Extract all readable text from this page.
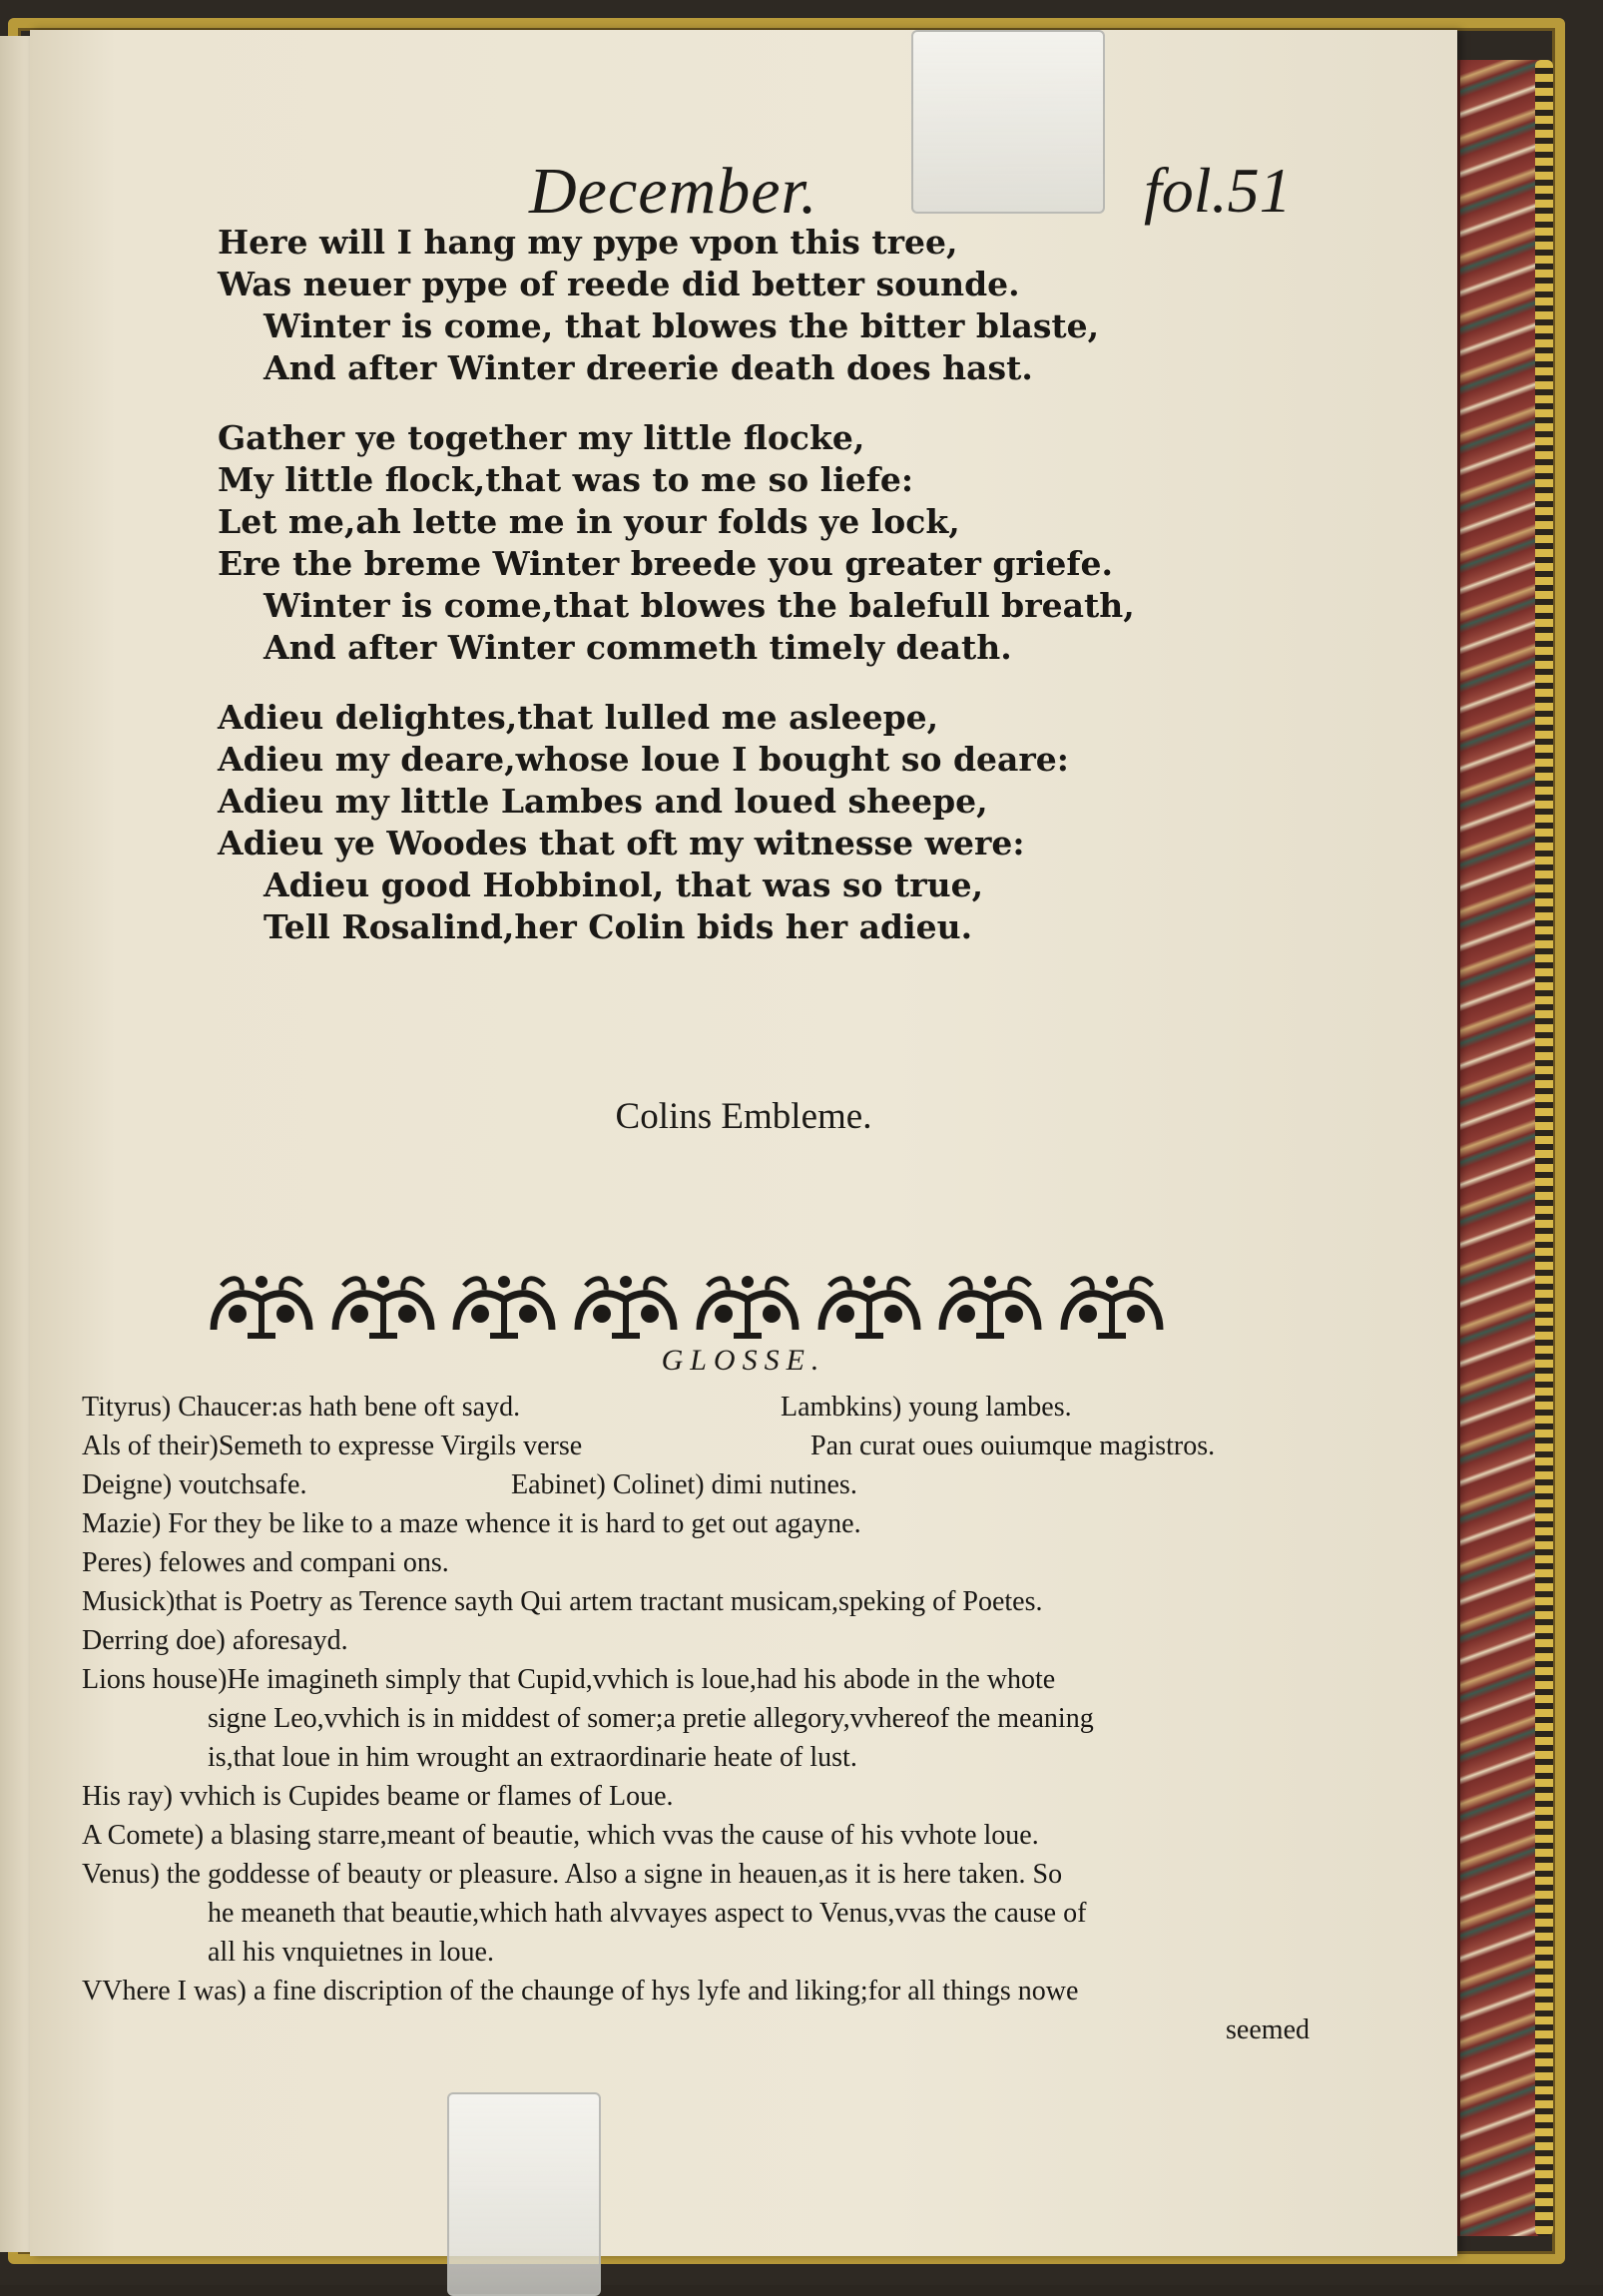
December.	fol.51
Here will I hang my pype vpon this tree,
Was neuer pype of reede did better sounde.
Winter is come, that blowes the bitter blaste,
And after Winter dreerie death does hast.
Gather ye together my little flocke,
My little flock,that was to me so liefe:
Let me,ah lette me in your folds ye lock,
Ere the breme Winter breede you greater griefe.
Winter is come,that blowes the balefull breath,
And after Winter commeth timely death.
Adieu delightes,that lulled me asleepe,
Adieu my deare,whose loue I bought so deare:
Adieu my little Lambes and loued sheepe,
Adieu ye Woodes that oft my witnesse were:
Adieu good Hobbinol, that was so true,
Tell Rosalind,her Colin bids her adieu.
Colins Embleme.
GLOSSE.
Tityrus) Chaucer:as hath bene oft sayd.	Lambkins) young lambes.
Als of their)Semeth to expresse Virgils verse	Pan curat oues ouiumque magistros.
Deigne) voutchsafe.	Eabinet) Colinet) dimi nutines.
Mazie) For they be like to a maze whence it is hard to get out agayne.
Peres) felowes and compani ons.
Musick)that is Poetry as Terence sayth Qui artem tractant musicam,speking of Poetes.
Derring doe) aforesayd.
Lions house)He imagineth simply that Cupid,vvhich is loue,had his abode in the whote
signe Leo,vvhich is in middest of somer;a pretie allegory,vvhereof the meaning
is,that loue in him wrought an extraordinarie heate of lust.
His ray) vvhich is Cupides beame or flames of Loue.
A Comete) a blasing starre,meant of beautie, which vvas the cause of his vvhote loue.
Venus) the goddesse of beauty or pleasure. Also a signe in heauen,as it is here taken. So
he meaneth that beautie,which hath alvvayes aspect to Venus,vvas the cause of
all his vnquietnes in loue.
VVhere I was) a fine discription of the chaunge of hys lyfe and liking;for all things nowe
seemed
